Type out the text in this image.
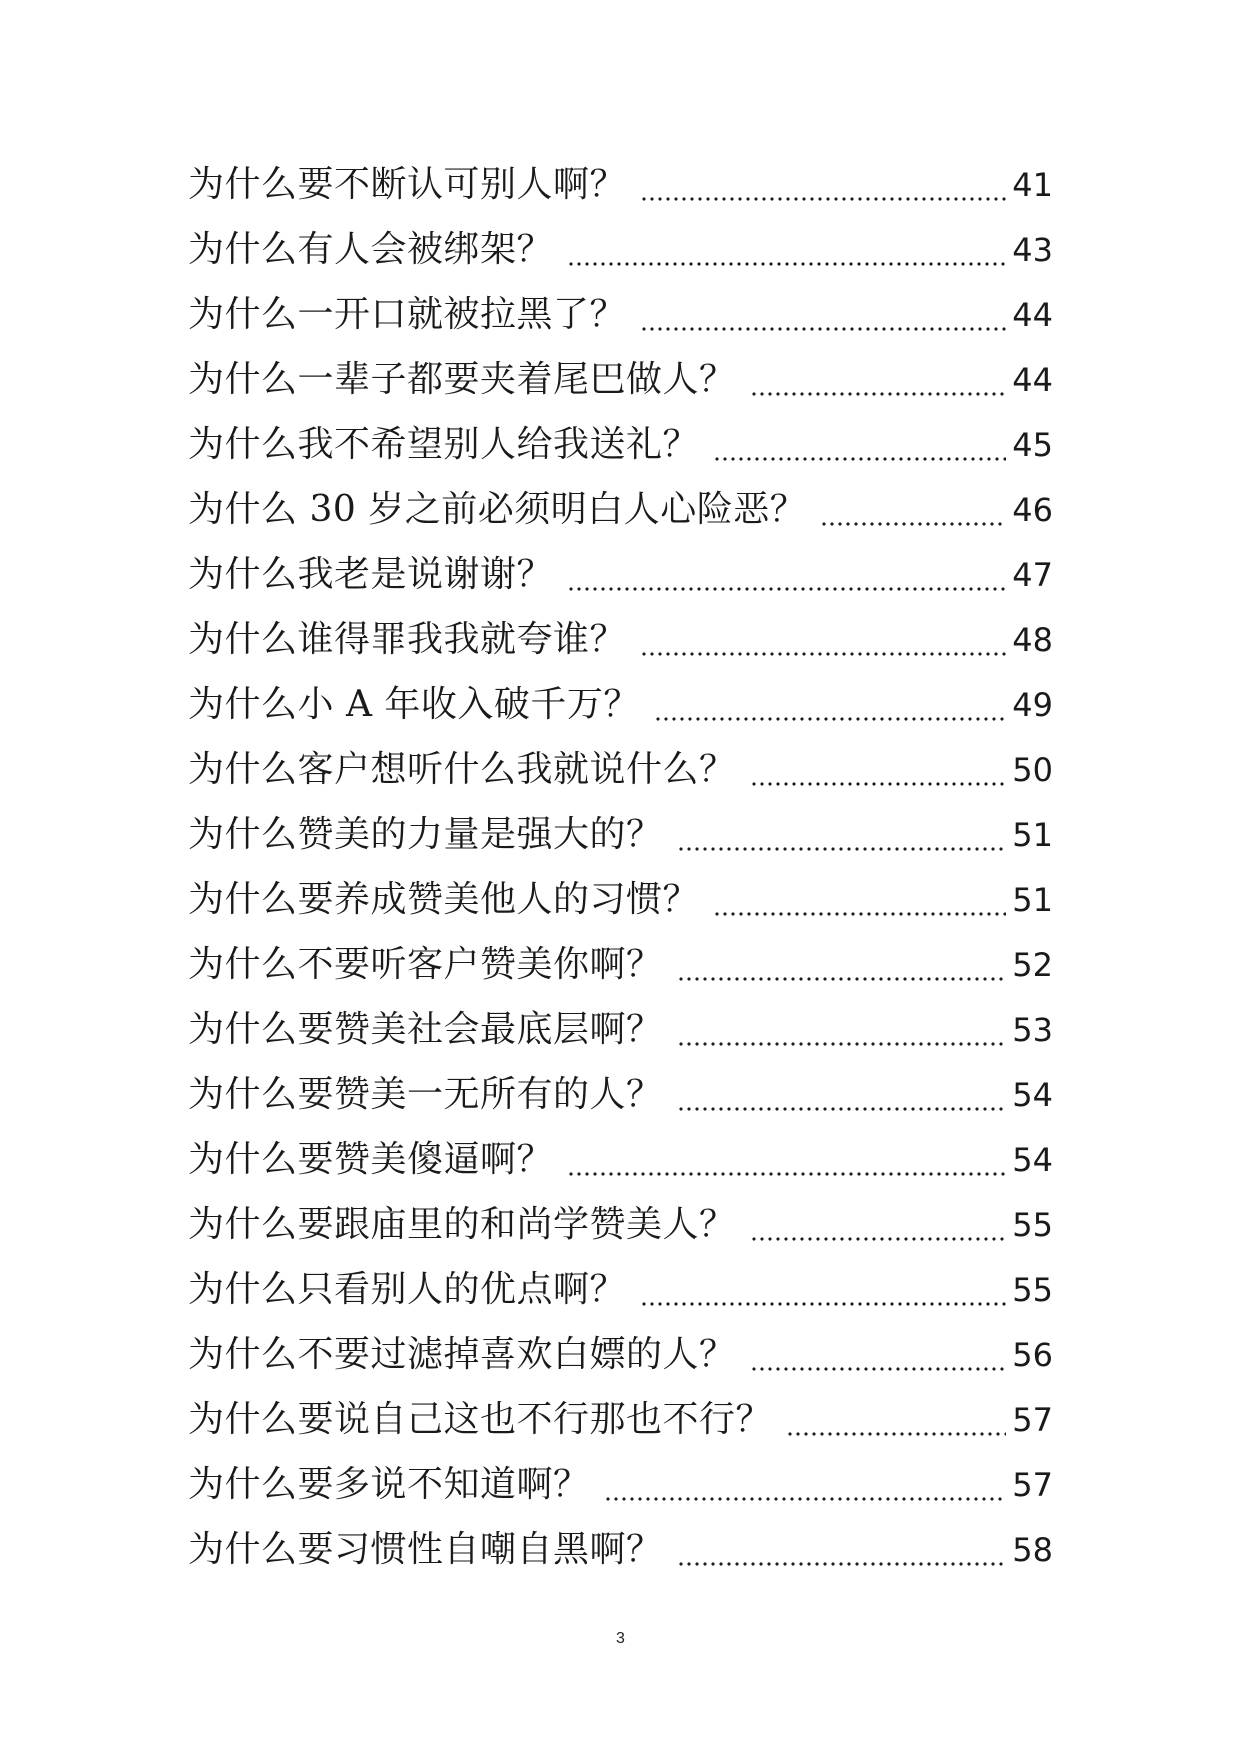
为什么要不断认可别人啊？	41
为什么有人会被绑架？	43
为什么一开口就被拉黑了？	44
为什么一辈子都要夹着尾巴做人？	44
为什么我不希望别人给我送礼？	45
为什么 30 岁之前必须明白人心险恶？	46
为什么我老是说谢谢？	47
为什么谁得罪我我就夸谁？	48
为什么小 A 年收入破千万？	49
为什么客户想听什么我就说什么？	50
为什么赞美的力量是强大的？	51
为什么要养成赞美他人的习惯？	51
为什么不要听客户赞美你啊？	52
为什么要赞美社会最底层啊？	53
为什么要赞美一无所有的人？	54
为什么要赞美傻逼啊？	54
为什么要跟庙里的和尚学赞美人？	55
为什么只看别人的优点啊？	55
为什么不要过滤掉喜欢白嫖的人？	56
为什么要说自己这也不行那也不行？	57
为什么要多说不知道啊？	57
为什么要习惯性自嘲自黑啊？	58
3
